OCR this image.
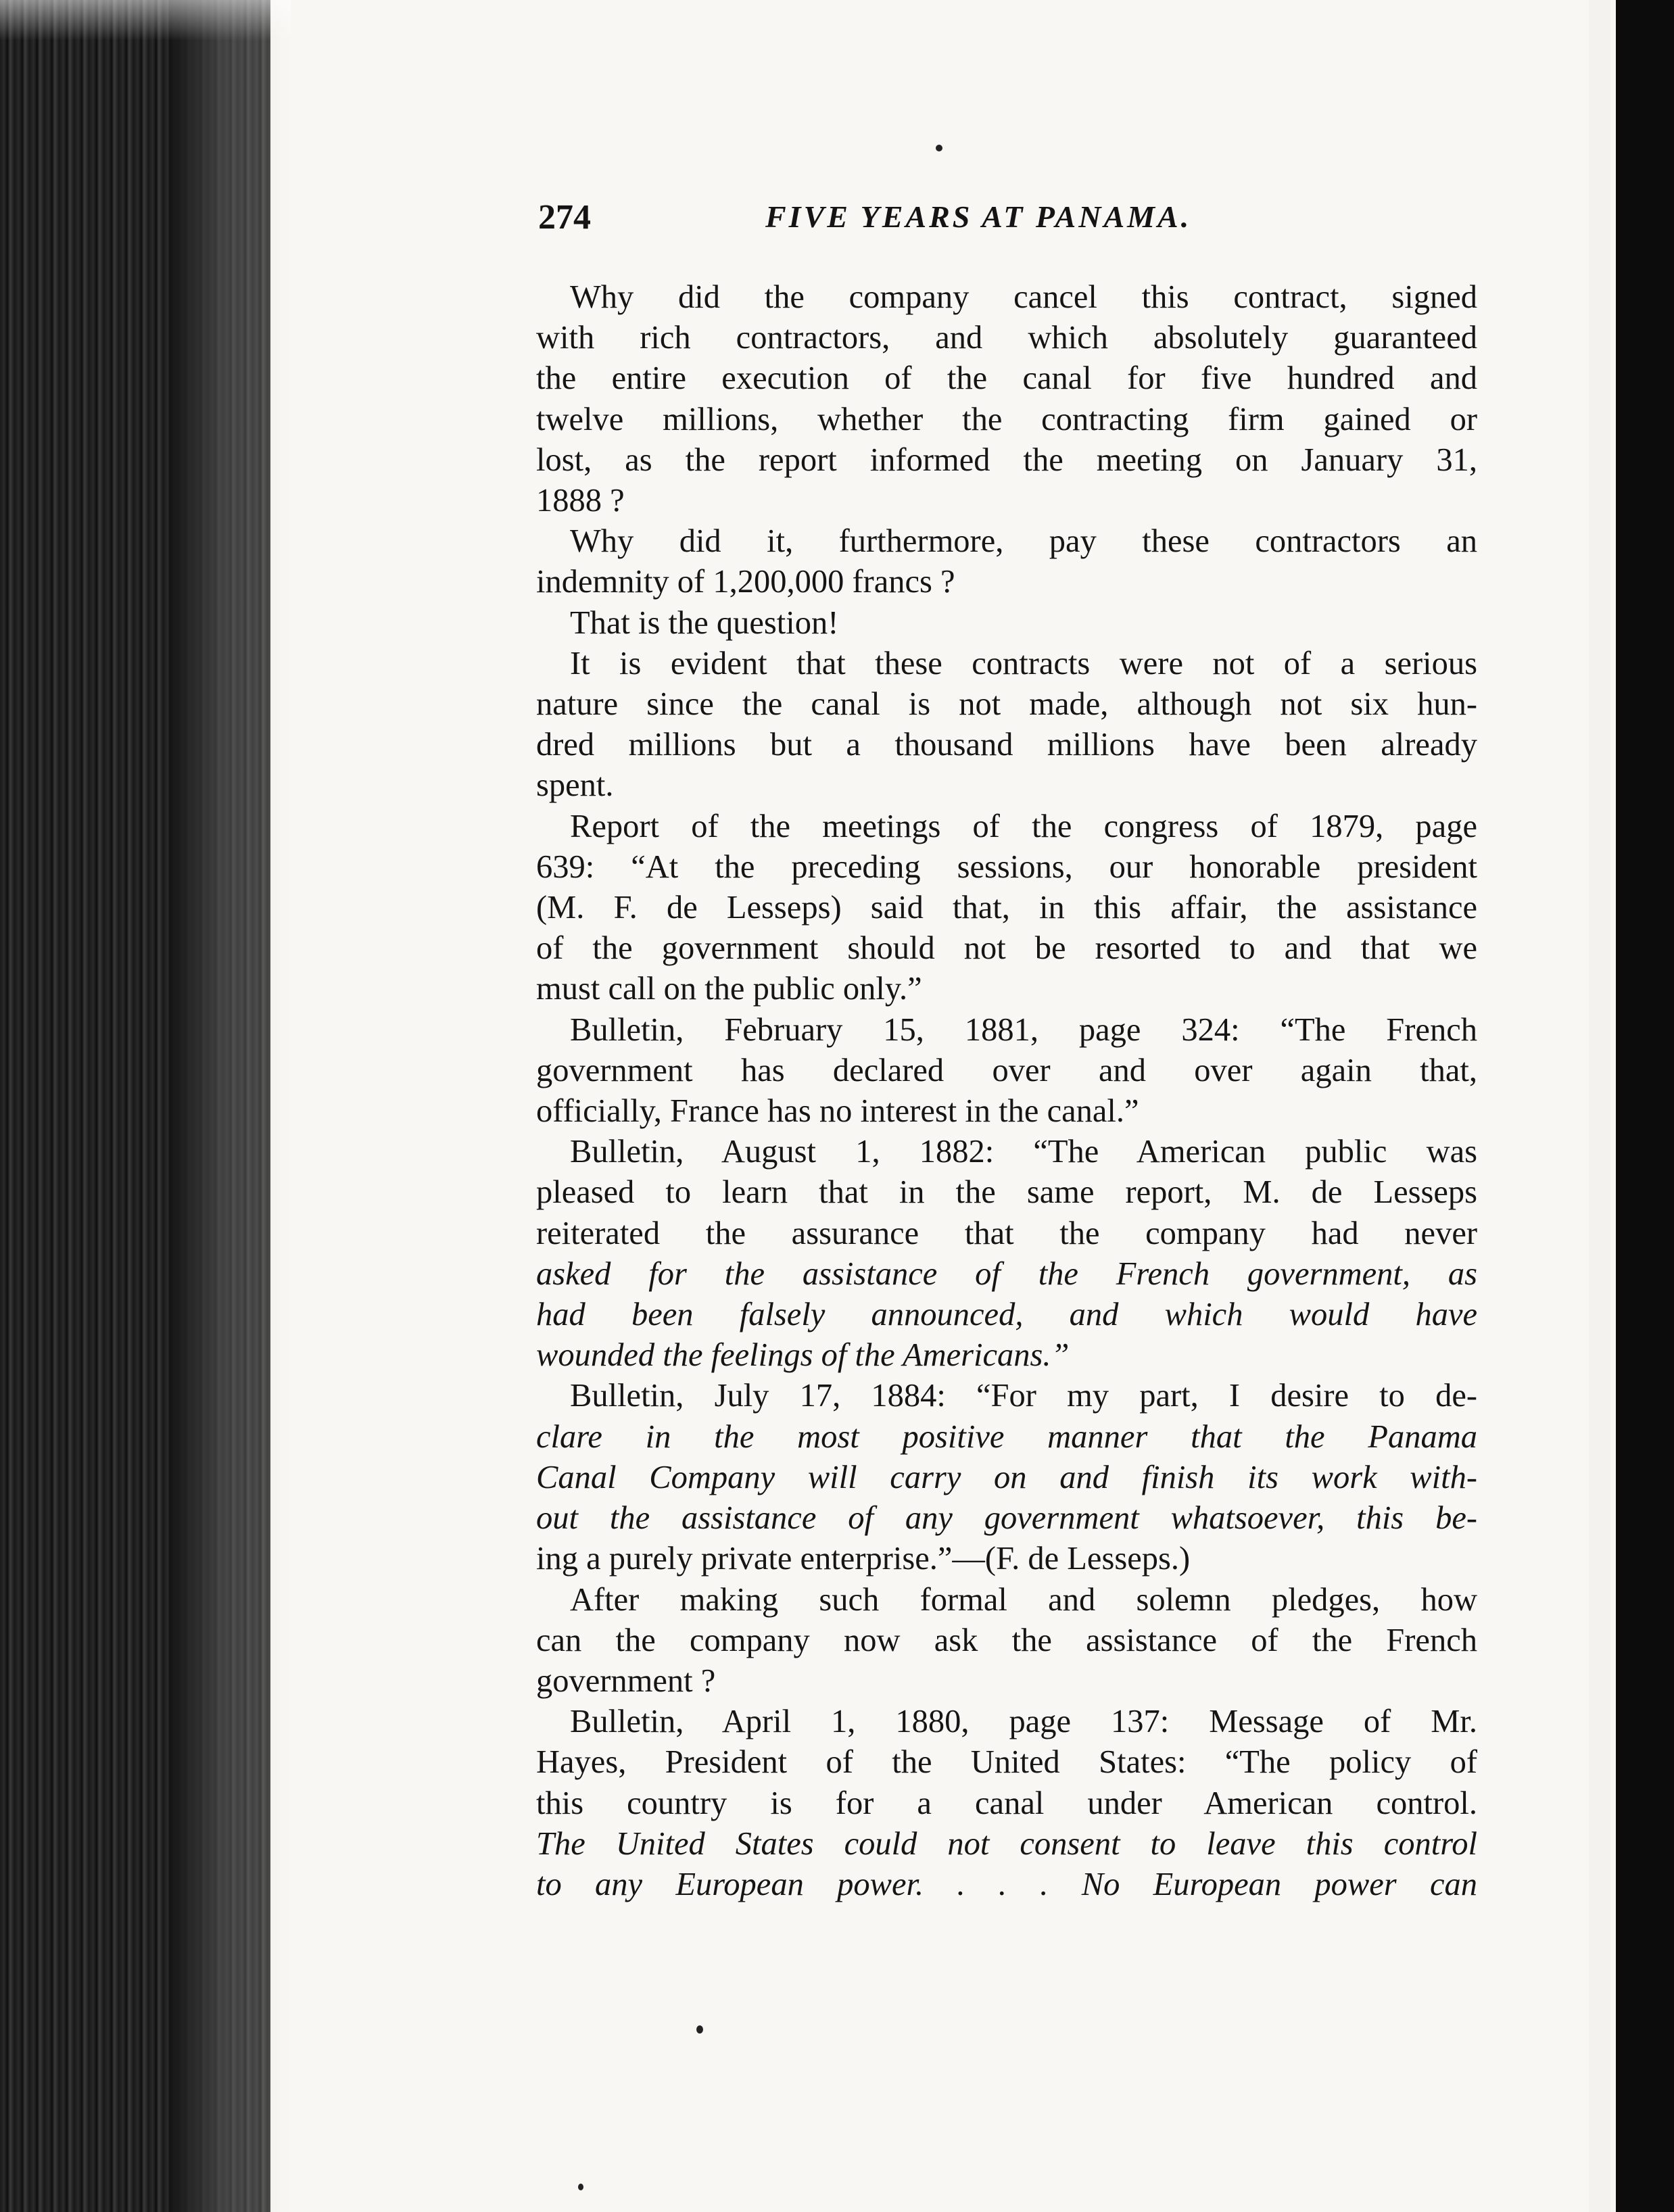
274	FIVE YEARS AT PANAMA.

Why did the company cancel this contract, signed
with rich contractors, and which absolutely guaranteed
the entire execution of the canal for five hundred and
twelve millions, whether the contracting firm gained or
lost, as the report informed the meeting on January 31,
1888 ?

Why did it, furthermore, pay these contractors an
indemnity of 1,200,000 francs ?

That is the question!

It is evident that these contracts were not of a serious
nature since the canal is not made, although not six hun-
dred millions but a thousand millions have been already
spent.

Report of the meetings of the congress of 1879, page
639: “At the preceding sessions, our honorable president
(M. F. de Lesseps) said that, in this affair, the assistance
of the government should not be resorted to and that we
must call on the public only.”

Bulletin, February 15, 1881, page 324: “The French
government has declared over and over again that,
officially, France has no interest in the canal.”

Bulletin, August 1, 1882: “The American public was
pleased to learn that in the same report, M. de Lesseps
reiterated the assurance that the company had never
asked for the assistance of the French government, as
had been falsely announced, and which would have
wounded the feelings of the Americans.”

Bulletin, July 17, 1884: “For my part, I desire to de-
clare in the most positive manner that the Panama
Canal Company will carry on and finish its work with-
out the assistance of any government whatsoever, this be-
ing a purely private enterprise.”—(F. de Lesseps.)

After making such formal and solemn pledges, how
can the company now ask the assistance of the French
government ?

Bulletin, April 1, 1880, page 137: Message of Mr.
Hayes, President of the United States: “The policy of
this country is for a canal under American control.
The United States could not consent to leave this control
to any European power. . . . No European power can
